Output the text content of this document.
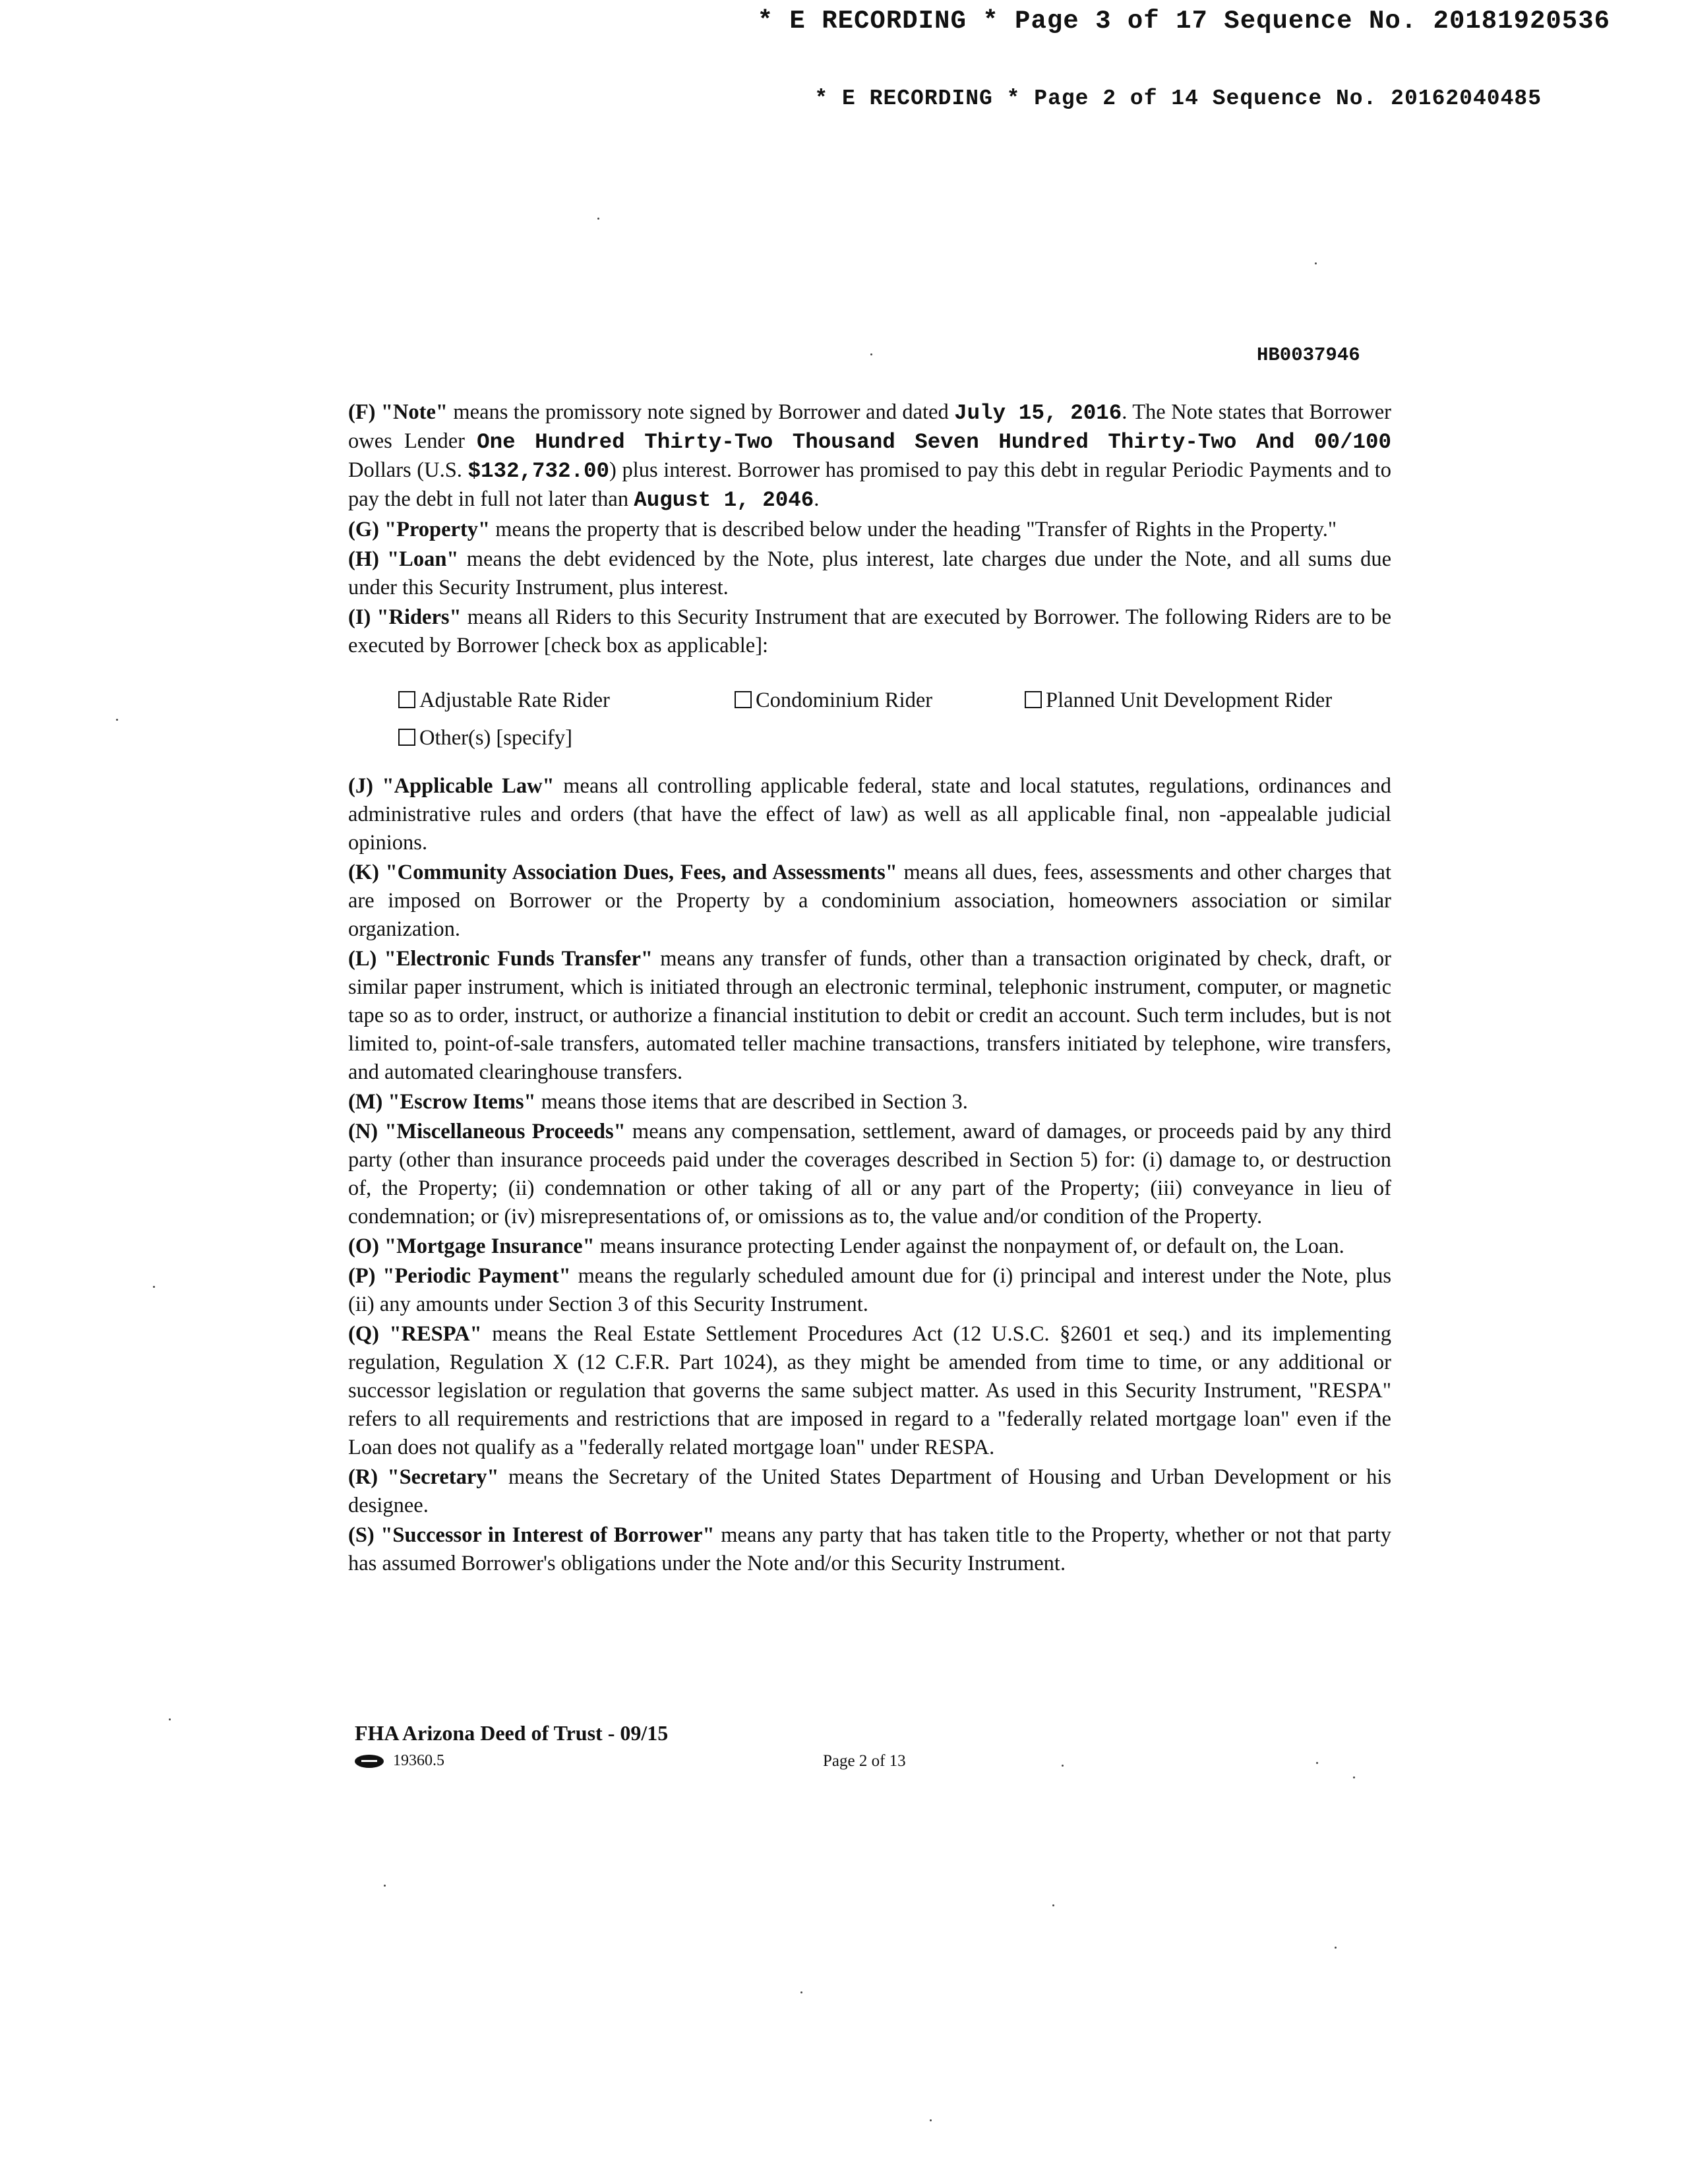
* E RECORDING * Page 3 of 17 Sequence No. 20181920536
* E RECORDING * Page 2 of 14 Sequence No. 20162040485
HB0037946

(F) "Note" means the promissory note signed by Borrower and dated July 15, 2016. The Note states that Borrower owes Lender One Hundred Thirty-Two Thousand Seven Hundred Thirty-Two And 00/100 Dollars (U.S. $132,732.00) plus interest. Borrower has promised to pay this debt in regular Periodic Payments and to pay the debt in full not later than August 1, 2046.

(G) "Property" means the property that is described below under the heading "Transfer of Rights in the Property."

(H) "Loan" means the debt evidenced by the Note, plus interest, late charges due under the Note, and all sums due under this Security Instrument, plus interest.

(I) "Riders" means all Riders to this Security Instrument that are executed by Borrower. The following Riders are to be executed by Borrower [check box as applicable]:

Adjustable Rate Rider	Condominium Rider	Planned Unit Development Rider
Other(s) [specify]

(J) "Applicable Law" means all controlling applicable federal, state and local statutes, regulations, ordinances and administrative rules and orders (that have the effect of law) as well as all applicable final, non -appealable judicial opinions.

(K) "Community Association Dues, Fees, and Assessments" means all dues, fees, assessments and other charges that are imposed on Borrower or the Property by a condominium association, homeowners association or similar organization.

(L) "Electronic Funds Transfer" means any transfer of funds, other than a transaction originated by check, draft, or similar paper instrument, which is initiated through an electronic terminal, telephonic instrument, computer, or magnetic tape so as to order, instruct, or authorize a financial institution to debit or credit an account. Such term includes, but is not limited to, point-of-sale transfers, automated teller machine transactions, transfers initiated by telephone, wire transfers, and automated clearinghouse transfers.

(M) "Escrow Items" means those items that are described in Section 3.

(N) "Miscellaneous Proceeds" means any compensation, settlement, award of damages, or proceeds paid by any third party (other than insurance proceeds paid under the coverages described in Section 5) for: (i) damage to, or destruction of, the Property; (ii) condemnation or other taking of all or any part of the Property; (iii) conveyance in lieu of condemnation; or (iv) misrepresentations of, or omissions as to, the value and/or condition of the Property.

(O) "Mortgage Insurance" means insurance protecting Lender against the nonpayment of, or default on, the Loan.

(P) "Periodic Payment" means the regularly scheduled amount due for (i) principal and interest under the Note, plus (ii) any amounts under Section 3 of this Security Instrument.

(Q) "RESPA" means the Real Estate Settlement Procedures Act (12 U.S.C. §2601 et seq.) and its implementing regulation, Regulation X (12 C.F.R. Part 1024), as they might be amended from time to time, or any additional or successor legislation or regulation that governs the same subject matter. As used in this Security Instrument, "RESPA" refers to all requirements and restrictions that are imposed in regard to a "federally related mortgage loan" even if the Loan does not qualify as a "federally related mortgage loan" under RESPA.

(R) "Secretary" means the Secretary of the United States Department of Housing and Urban Development or his designee.

(S) "Successor in Interest of Borrower" means any party that has taken title to the Property, whether or not that party has assumed Borrower's obligations under the Note and/or this Security Instrument.

FHA Arizona Deed of Trust - 09/15
19360.5	Page 2 of 13
